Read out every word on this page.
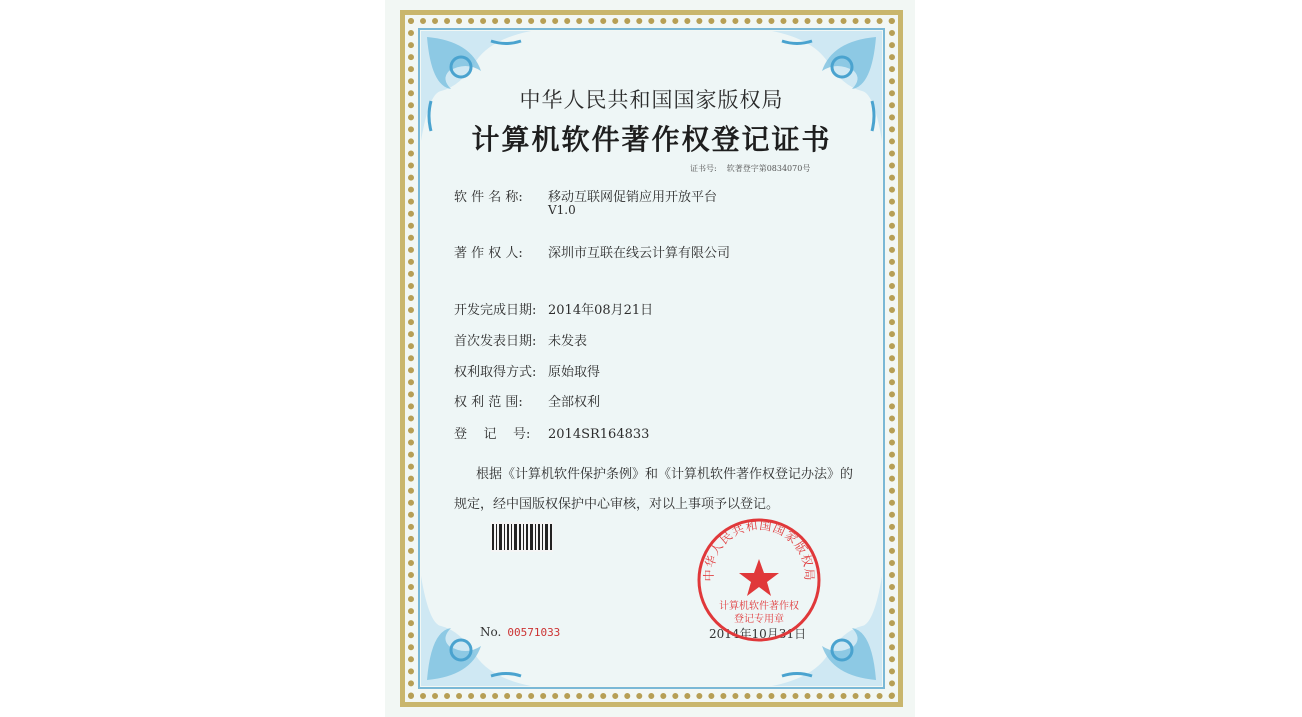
中华人民共和国国家版权局
计算机软件著作权登记证书
证书号: 软著登字第0834070号
软 件 名 称: 移动互联网促销应用开放平台
V1.0
著 作 权 人: 深圳市互联在线云计算有限公司
开发完成日期: 2014年08月21日
首次发表日期: 未发表
权利取得方式: 原始取得
权 利 范 围: 全部权利
登    记    号: 2014SR164833
根据《计算机软件保护条例》和《计算机软件著作权登记办法》的
规定，经中国版权保护中心审核，对以上事项予以登记。
No. 00571033	2014年10月31日
中华人民共和国国家版权局
计算机软件著作权
登记专用章
